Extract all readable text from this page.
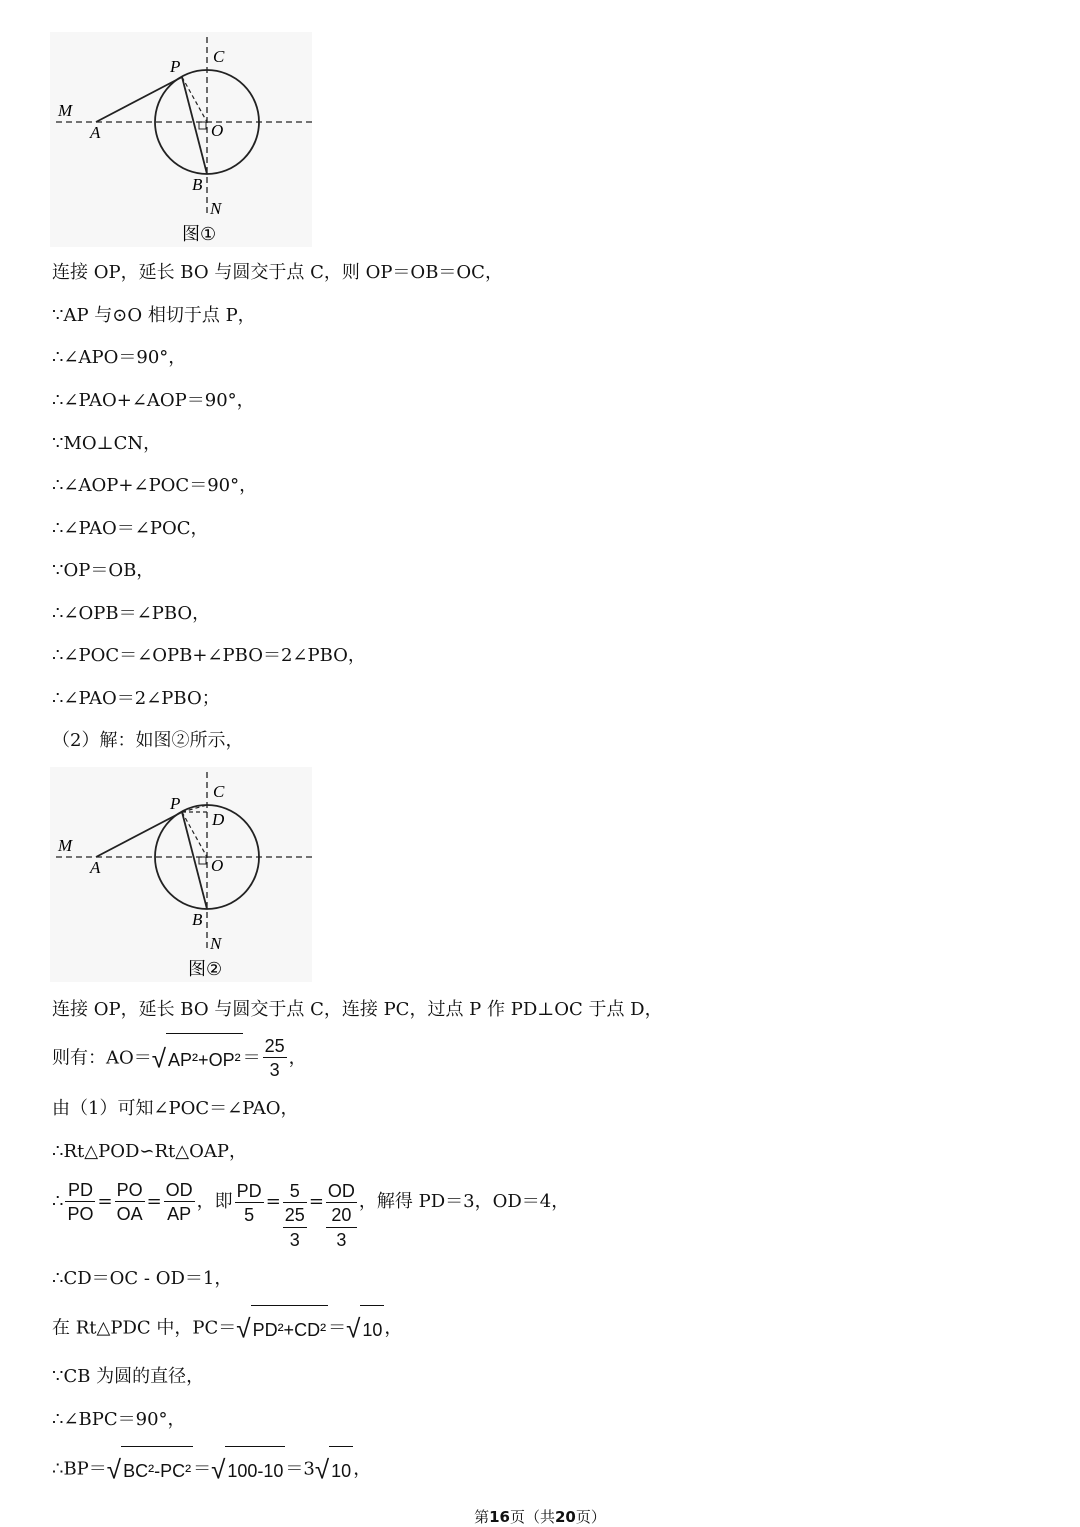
P
C
M
A	O
B
N
图①
连接 OP，延长 BO 与圆交于点 C，则 OP＝OB＝OC，
∵AP 与⊙O 相切于点 P，
∴∠APO＝90°，
∴∠PAO+∠AOP＝90°，
∵MO⊥CN，
∴∠AOP+∠POC＝90°，
∴∠PAO＝∠POC，
∵OP＝OB，
∴∠OPB＝∠PBO，
∴∠POC＝∠OPB+∠PBO＝2∠PBO，
∴∠PAO＝2∠PBO；
（2）解：如图②所示，
P
C
D
M
A	O
B
N
图②
连接 OP，延长 BO 与圆交于点 C，连接 PC，过点 P 作 PD⊥OC 于点 D，
则有：AO＝√ $AP^2+OP^2 = \frac{25}{3}$ ，
由（1）可知∠POC＝∠PAO，
∴Rt△POD∽Rt△OAP，
∴ $\frac{PD}{PO} = \frac{PO}{OA} = \frac{OD}{AP}$ ，即 $\frac{PD}{5} = 5$
25
3
= OD
20
3
，解得 PD＝3，OD＝4，
∴CD＝OC - OD＝1，
在 Rt△PDC 中，PC＝√ PD²+CD² ＝√ 10 ，
∵CB 为圆的直径，
∴∠BPC＝90°，
∴BP＝√ BC²-PC² ＝√ 100-10 ＝3√ 10 ，
第16页（共20页）
